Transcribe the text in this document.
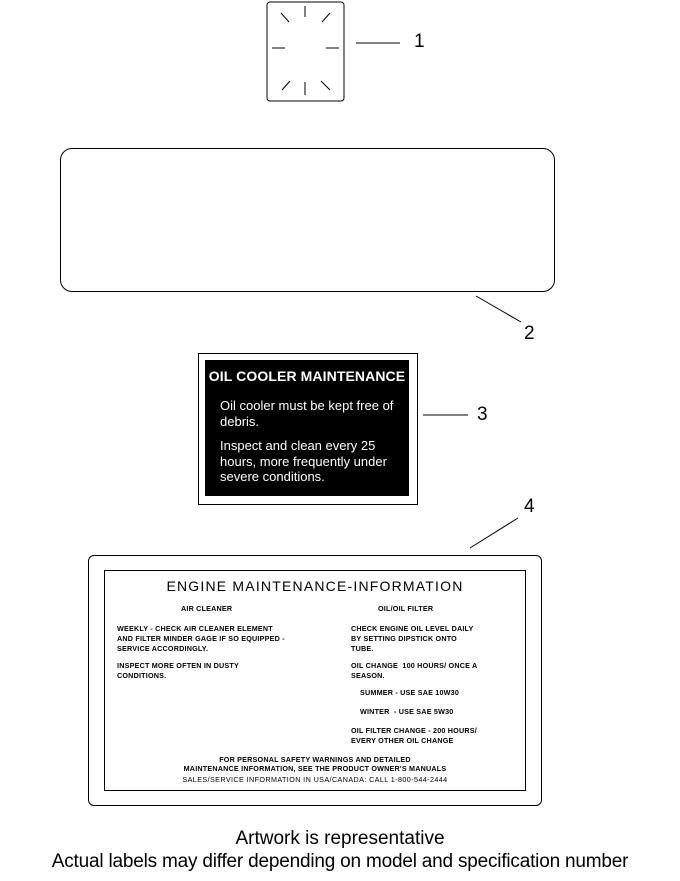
1
2
3
4
OIL COOLER MAINTENANCE
Oil cooler must be kept free of debris.
Inspect and clean every 25 hours, more frequently under severe conditions.
ENGINE MAINTENANCE-INFORMATION
AIR CLEANER
WEEKLY - CHECK AIR CLEANER ELEMENT
AND FILTER MINDER GAGE IF SO EQUIPPED -
SERVICE ACCORDINGLY.
INSPECT MORE OFTEN IN DUSTY
CONDITIONS.
OIL/OIL FILTER
CHECK ENGINE OIL LEVEL DAILY
BY SETTING DIPSTICK ONTO
TUBE.
OIL CHANGE  100 HOURS/ ONCE A
SEASON.
SUMMER - USE SAE 10W30
WINTER  - USE SAE 5W30
OIL FILTER CHANGE - 200 HOURS/
EVERY OTHER OIL CHANGE
FOR PERSONAL SAFETY WARNINGS AND DETAILED
MAINTENANCE INFORMATION, SEE THE PRODUCT OWNER'S MANUALS
SALES/SERVICE INFORMATION IN USA/CANADA: CALL 1-800-544-2444
Artwork is representative
Actual labels may differ depending on model and specification number
